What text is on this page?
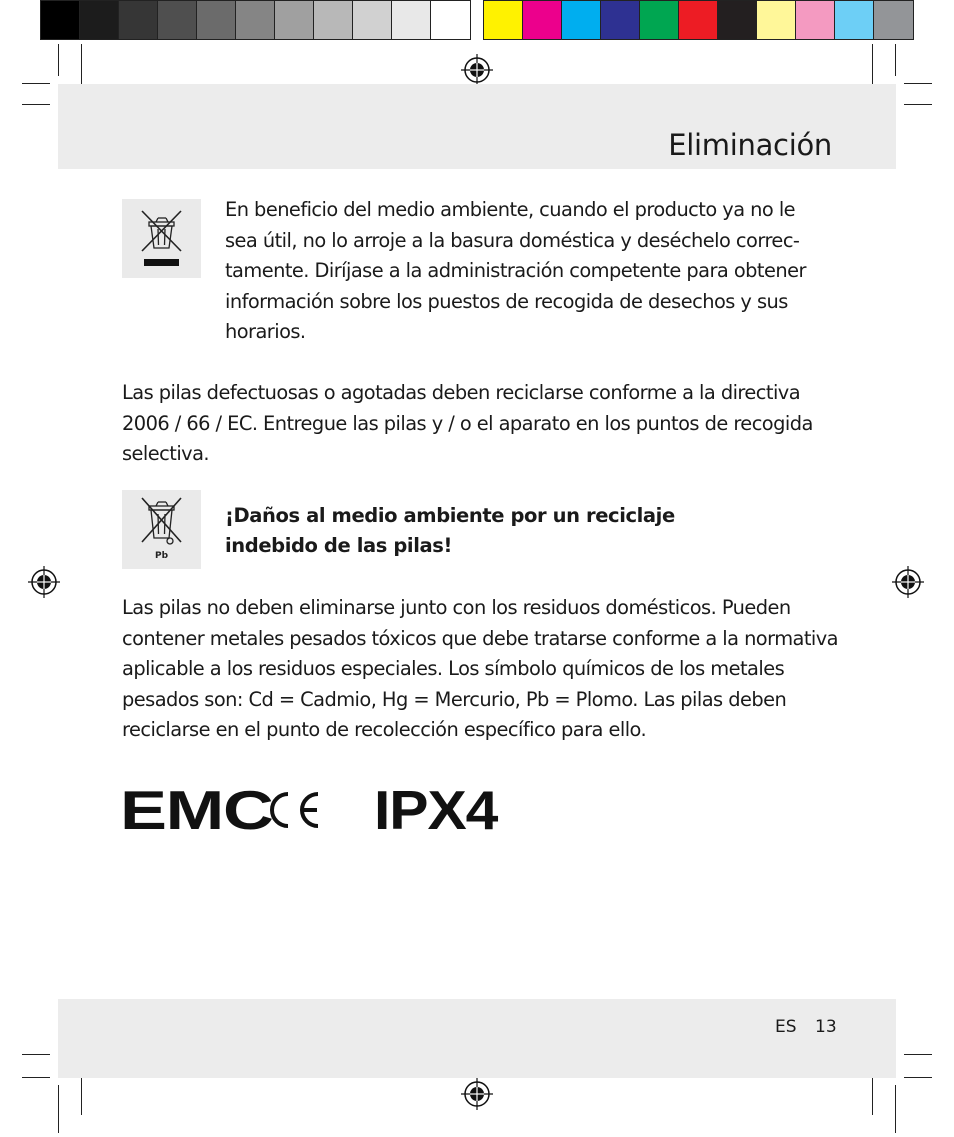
Eliminación

En beneficio del medio ambiente, cuando el producto ya no le
sea útil, no lo arroje a la basura doméstica y deséchelo correc-
tamente. Diríjase a la administración competente para obtener
información sobre los puestos de recogida de desechos y sus
horarios.

Las pilas defectuosas o agotadas deben reciclarse conforme a la directiva
2006 / 66 / EC. Entregue las pilas y / o el aparato en los puntos de recogida
selectiva.

Pb

¡Daños al medio ambiente por un reciclaje
indebido de las pilas!

Las pilas no deben eliminarse junto con los residuos domésticos. Pueden
contener metales pesados tóxicos que debe tratarse conforme a la normativa
aplicable a los residuos especiales. Los símbolo químicos de los metales
pesados son: Cd = Cadmio, Hg = Mercurio, Pb = Plomo. Las pilas deben
reciclarse en el punto de recolección específico para ello.

EMC IPX4
ES 13
